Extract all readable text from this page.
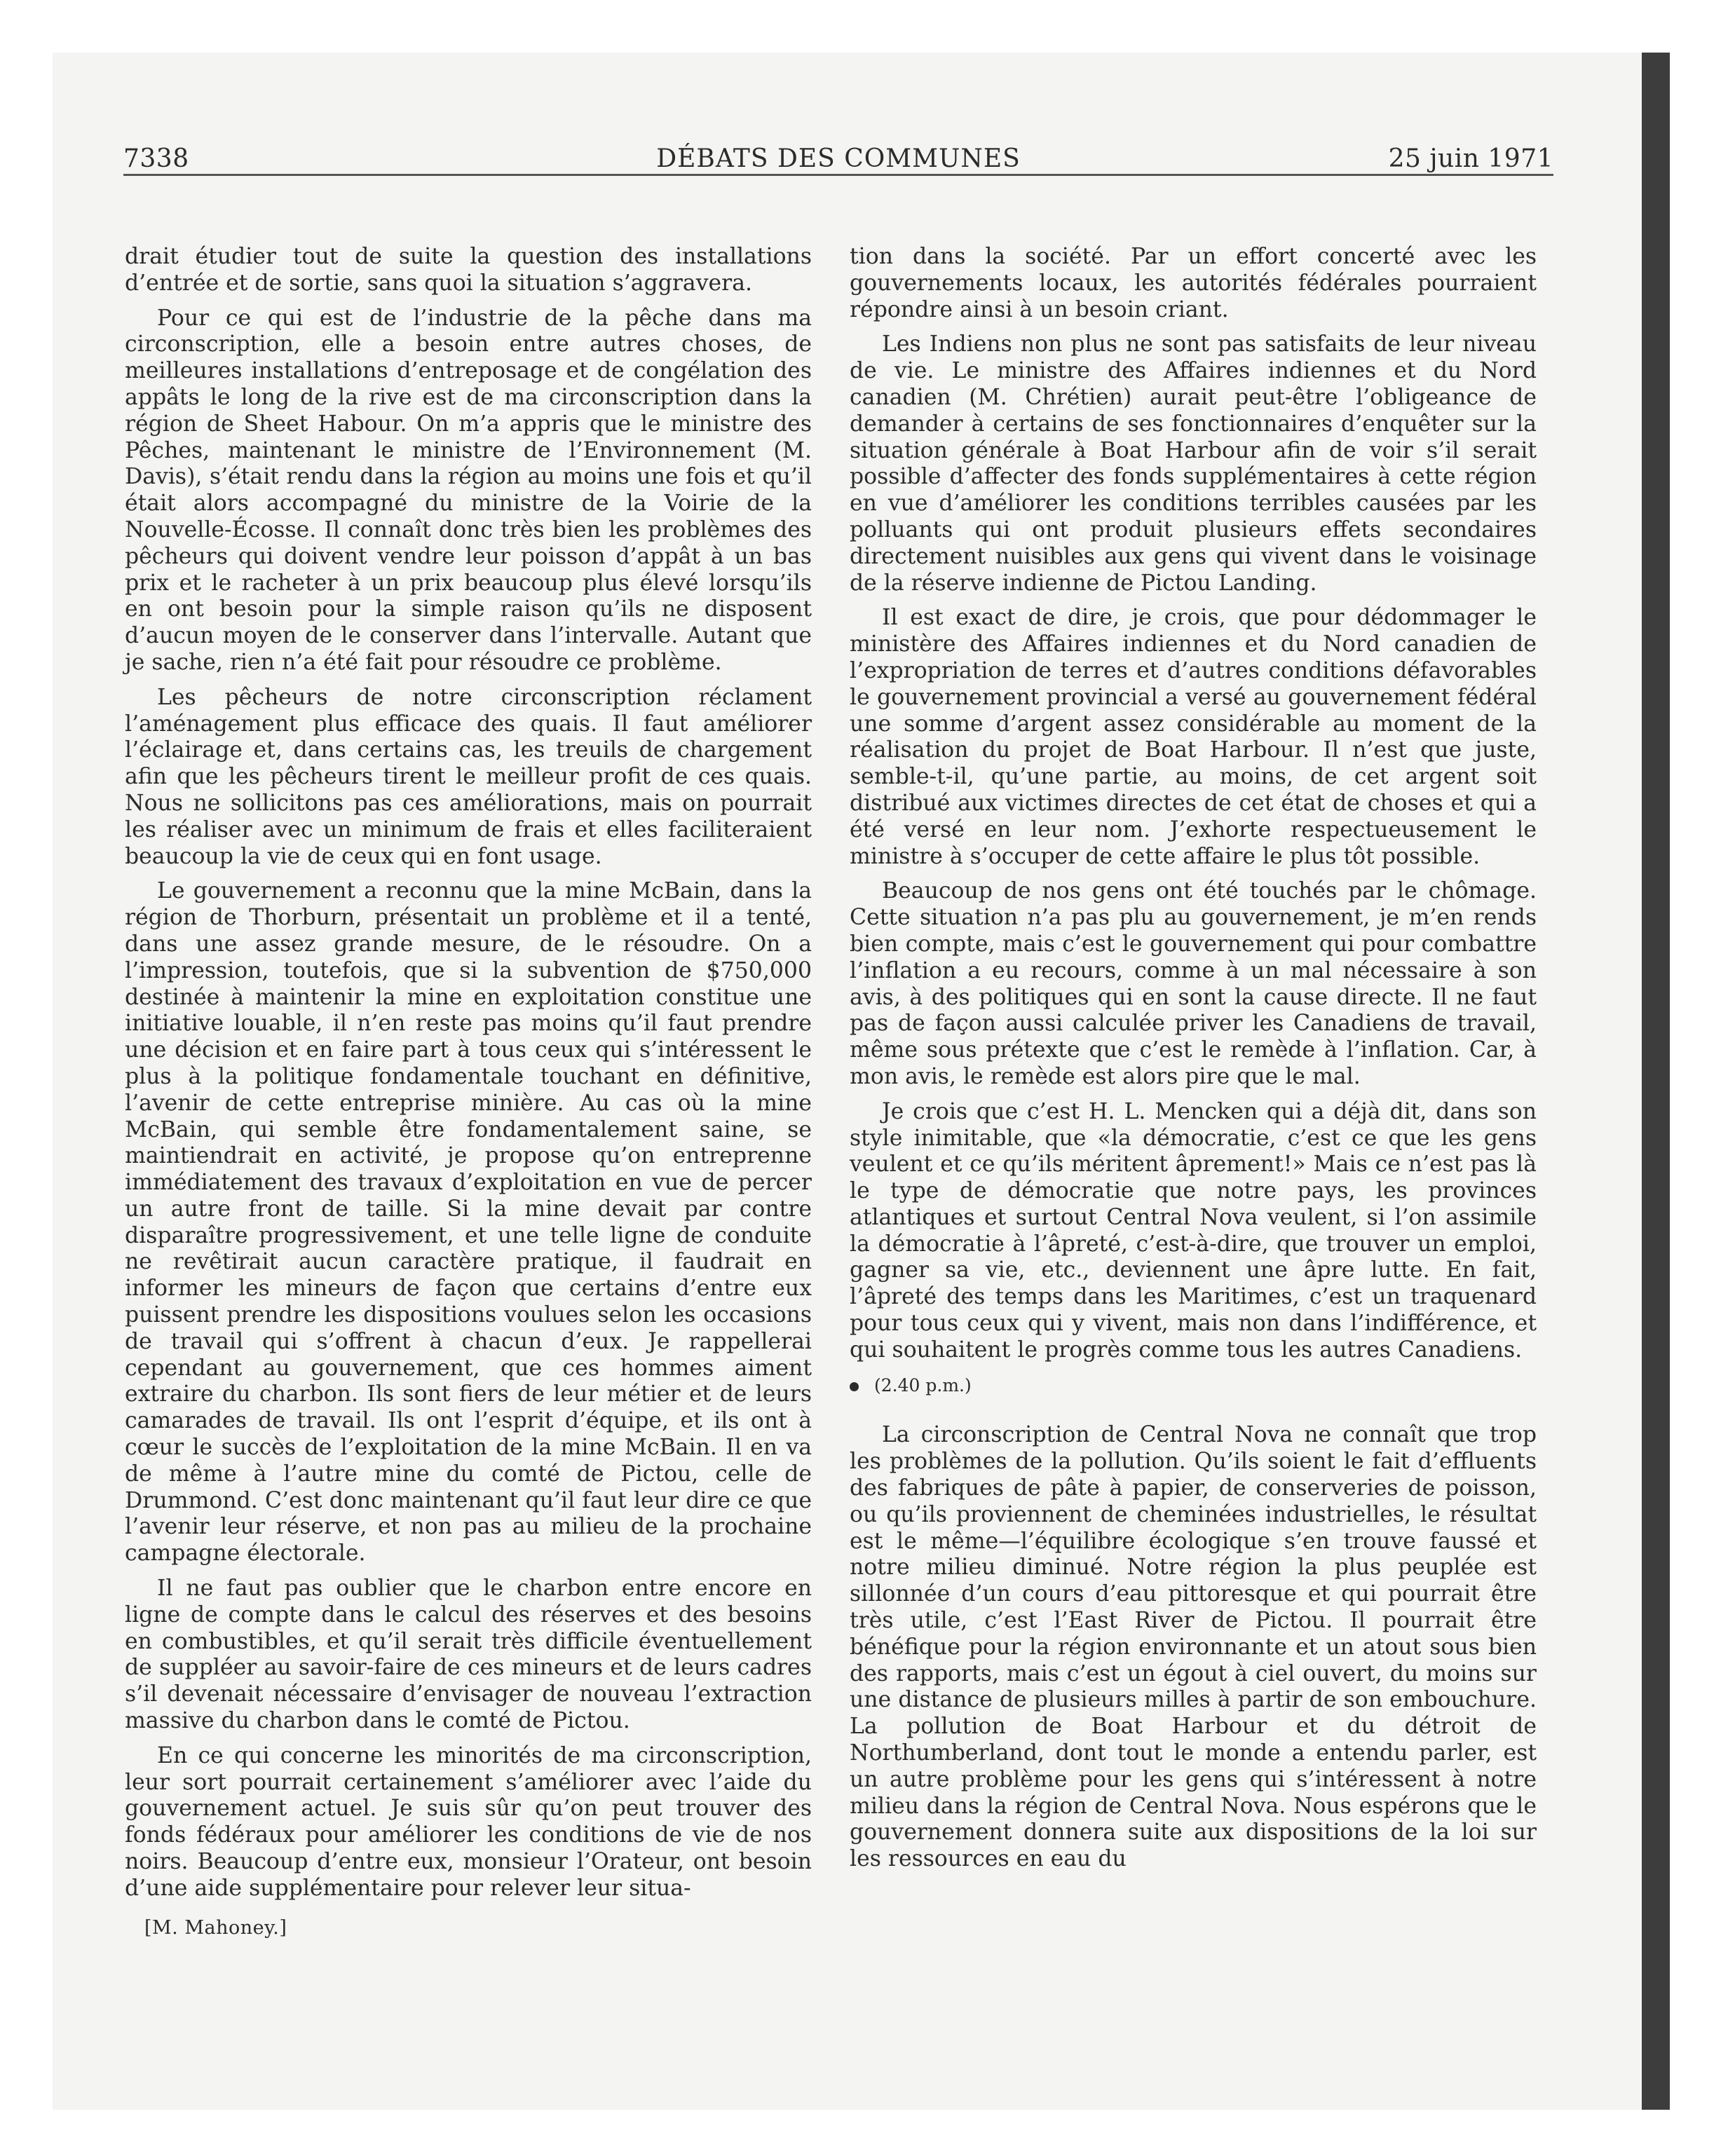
7338	DÉBATS DES COMMUNES	25 juin 1971

drait étudier tout de suite la question des installations d’entrée et de sortie, sans quoi la situation s’aggravera.

Pour ce qui est de l’industrie de la pêche dans ma circonscription, elle a besoin entre autres choses, de meilleures installations d’entreposage et de congélation des appâts le long de la rive est de ma circonscription dans la région de Sheet Habour. On m’a appris que le ministre des Pêches, maintenant le ministre de l’Environnement (M. Davis), s’était rendu dans la région au moins une fois et qu’il était alors accompagné du ministre de la Voirie de la Nouvelle-Écosse. Il connaît donc très bien les problèmes des pêcheurs qui doivent vendre leur poisson d’appât à un bas prix et le racheter à un prix beaucoup plus élevé lorsqu’ils en ont besoin pour la simple raison qu’ils ne disposent d’aucun moyen de le conserver dans l’intervalle. Autant que je sache, rien n’a été fait pour résoudre ce problème.

Les pêcheurs de notre circonscription réclament l’aménagement plus efficace des quais. Il faut améliorer l’éclairage et, dans certains cas, les treuils de chargement afin que les pêcheurs tirent le meilleur profit de ces quais. Nous ne sollicitons pas ces améliorations, mais on pourrait les réaliser avec un minimum de frais et elles faciliteraient beaucoup la vie de ceux qui en font usage.

Le gouvernement a reconnu que la mine McBain, dans la région de Thorburn, présentait un problème et il a tenté, dans une assez grande mesure, de le résoudre. On a l’impression, toutefois, que si la subvention de $750,000 destinée à maintenir la mine en exploitation constitue une initiative louable, il n’en reste pas moins qu’il faut prendre une décision et en faire part à tous ceux qui s’intéressent le plus à la politique fondamentale touchant en définitive, l’avenir de cette entreprise minière. Au cas où la mine McBain, qui semble être fondamentalement saine, se maintiendrait en activité, je propose qu’on entreprenne immédiatement des travaux d’exploitation en vue de percer un autre front de taille. Si la mine devait par contre disparaître progressivement, et une telle ligne de conduite ne revêtirait aucun caractère pratique, il faudrait en informer les mineurs de façon que certains d’entre eux puissent prendre les dispositions voulues selon les occasions de travail qui s’offrent à chacun d’eux. Je rappellerai cependant au gouvernement, que ces hommes aiment extraire du charbon. Ils sont fiers de leur métier et de leurs camarades de travail. Ils ont l’esprit d’équipe, et ils ont à cœur le succès de l’exploitation de la mine McBain. Il en va de même à l’autre mine du comté de Pictou, celle de Drummond. C’est donc maintenant qu’il faut leur dire ce que l’avenir leur réserve, et non pas au milieu de la prochaine campagne électorale.

Il ne faut pas oublier que le charbon entre encore en ligne de compte dans le calcul des réserves et des besoins en combustibles, et qu’il serait très difficile éventuellement de suppléer au savoir-faire de ces mineurs et de leurs cadres s’il devenait nécessaire d’envisager de nouveau l’extraction massive du charbon dans le comté de Pictou.

En ce qui concerne les minorités de ma circonscription, leur sort pourrait certainement s’améliorer avec l’aide du gouvernement actuel. Je suis sûr qu’on peut trouver des fonds fédéraux pour améliorer les conditions de vie de nos noirs. Beaucoup d’entre eux, monsieur l’Orateur, ont besoin d’une aide supplémentaire pour relever leur situa-

[M. Mahoney.]

tion dans la société. Par un effort concerté avec les gouvernements locaux, les autorités fédérales pourraient répondre ainsi à un besoin criant.

Les Indiens non plus ne sont pas satisfaits de leur niveau de vie. Le ministre des Affaires indiennes et du Nord canadien (M. Chrétien) aurait peut-être l’obligeance de demander à certains de ses fonctionnaires d’enquêter sur la situation générale à Boat Harbour afin de voir s’il serait possible d’affecter des fonds supplémentaires à cette région en vue d’améliorer les conditions terribles causées par les polluants qui ont produit plusieurs effets secondaires directement nuisibles aux gens qui vivent dans le voisinage de la réserve indienne de Pictou Landing.

Il est exact de dire, je crois, que pour dédommager le ministère des Affaires indiennes et du Nord canadien de l’expropriation de terres et d’autres conditions défavorables le gouvernement provincial a versé au gouvernement fédéral une somme d’argent assez considérable au moment de la réalisation du projet de Boat Harbour. Il n’est que juste, semble-t-il, qu’une partie, au moins, de cet argent soit distribué aux victimes directes de cet état de choses et qui a été versé en leur nom. J’exhorte respectueusement le ministre à s’occuper de cette affaire le plus tôt possible.

Beaucoup de nos gens ont été touchés par le chômage. Cette situation n’a pas plu au gouvernement, je m’en rends bien compte, mais c’est le gouvernement qui pour combattre l’inflation a eu recours, comme à un mal nécessaire à son avis, à des politiques qui en sont la cause directe. Il ne faut pas de façon aussi calculée priver les Canadiens de travail, même sous prétexte que c’est le remède à l’inflation. Car, à mon avis, le remède est alors pire que le mal.

Je crois que c’est H. L. Mencken qui a déjà dit, dans son style inimitable, que «la démocratie, c’est ce que les gens veulent et ce qu’ils méritent âprement!» Mais ce n’est pas là le type de démocratie que notre pays, les provinces atlantiques et surtout Central Nova veulent, si l’on assimile la démocratie à l’âpreté, c’est-à-dire, que trouver un emploi, gagner sa vie, etc., deviennent une âpre lutte. En fait, l’âpreté des temps dans les Maritimes, c’est un traquenard pour tous ceux qui y vivent, mais non dans l’indifférence, et qui souhaitent le progrès comme tous les autres Canadiens.

(2.40 p.m.)

La circonscription de Central Nova ne connaît que trop les problèmes de la pollution. Qu’ils soient le fait d’effluents des fabriques de pâte à papier, de conserveries de poisson, ou qu’ils proviennent de cheminées industrielles, le résultat est le même—l’équilibre écologique s’en trouve faussé et notre milieu diminué. Notre région la plus peuplée est sillonnée d’un cours d’eau pittoresque et qui pourrait être très utile, c’est l’East River de Pictou. Il pourrait être bénéfique pour la région environnante et un atout sous bien des rapports, mais c’est un égout à ciel ouvert, du moins sur une distance de plusieurs milles à partir de son embouchure. La pollution de Boat Harbour et du détroit de Northumberland, dont tout le monde a entendu parler, est un autre problème pour les gens qui s’intéressent à notre milieu dans la région de Central Nova. Nous espérons que le gouvernement donnera suite aux dispositions de la loi sur les ressources en eau du
